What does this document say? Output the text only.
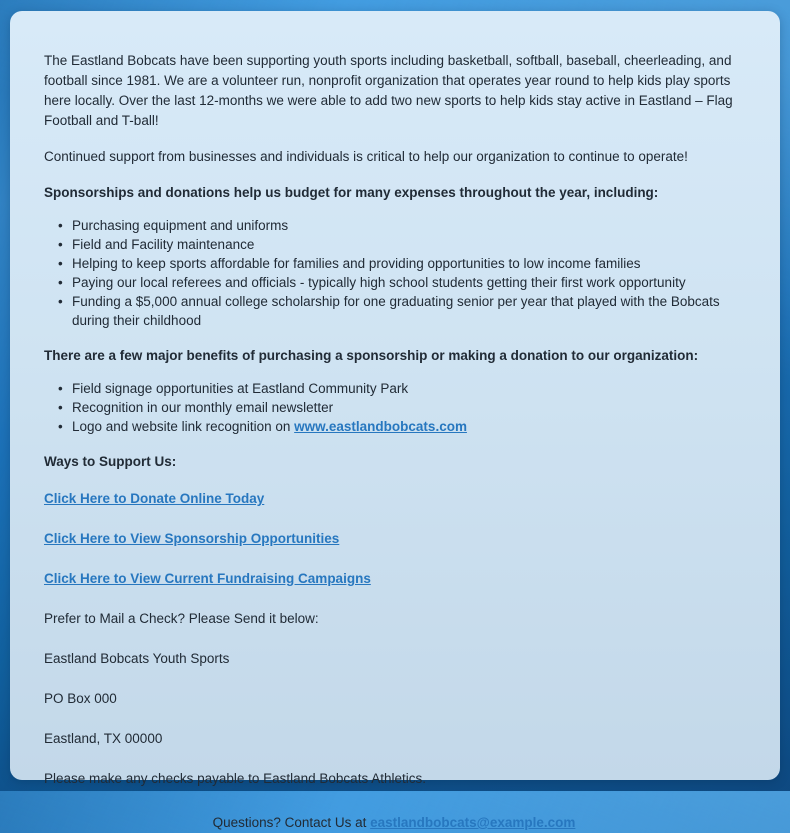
The Eastland Bobcats have been supporting youth sports including basketball, softball, baseball, cheerleading, and football since 1981. We are a volunteer run, nonprofit organization that operates year round to help kids play sports here locally. Over the last 12-months we were able to add two new sports to help kids stay active in Eastland – Flag Football and T-ball!

Continued support from businesses and individuals is critical to help our organization to continue to operate!

Sponsorships and donations help us budget for many expenses throughout the year, including:

• Purchasing equipment and uniforms
• Field and Facility maintenance
• Helping to keep sports affordable for families and providing opportunities to low income families
• Paying our local referees and officials - typically high school students getting their first work opportunity
• Funding a $5,000 annual college scholarship for one graduating senior per year that played with the Bobcats during their childhood

There are a few major benefits of purchasing a sponsorship or making a donation to our organization:

• Field signage opportunities at Eastland Community Park
• Recognition in our monthly email newsletter
• Logo and website link recognition on www.eastlandbobcats.com

Ways to Support Us:

Click Here to Donate Online Today

Click Here to View Sponsorship Opportunities

Click Here to View Current Fundraising Campaigns

Prefer to Mail a Check? Please Send it below:

Eastland Bobcats Youth Sports

PO Box 000

Eastland, TX 00000

Please make any checks payable to Eastland Bobcats Athletics.

Questions? Contact Us at eastlandbobcats@example.com
